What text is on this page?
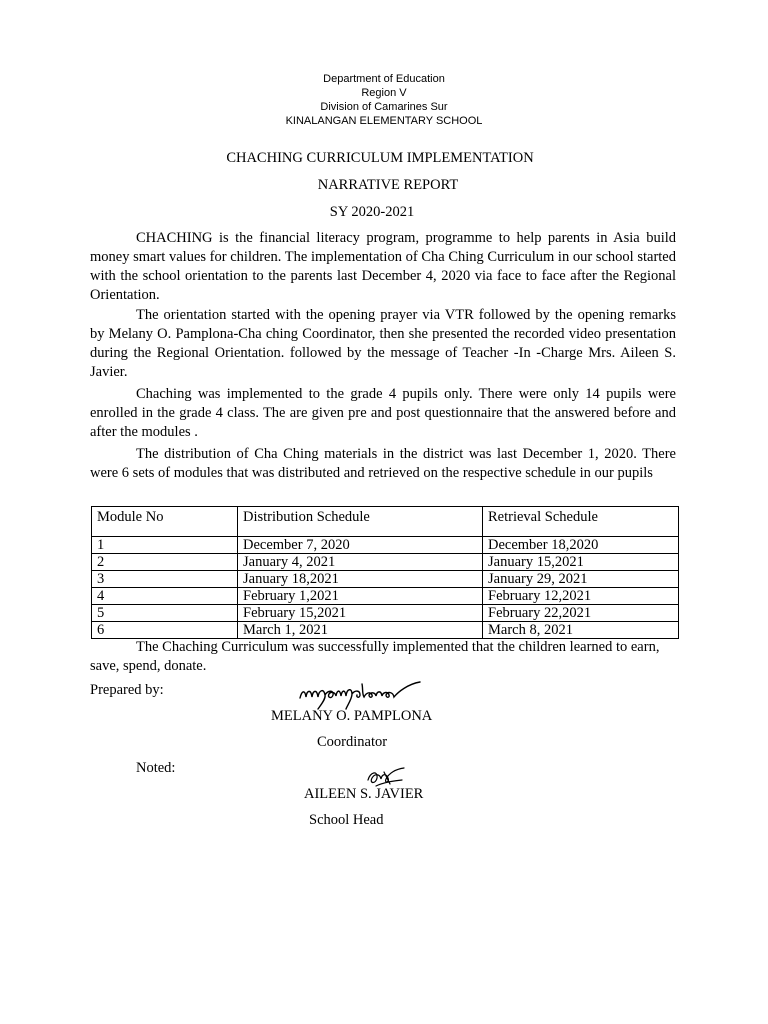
Department of Education
Region V
Division of Camarines Sur
KINALANGAN ELEMENTARY SCHOOL
CHACHING CURRICULUM IMPLEMENTATION
NARRATIVE REPORT
SY 2020-2021

CHACHING is the financial literacy program, programme to help parents in Asia build money smart values for children. The implementation of Cha Ching Curriculum in our school started with the school orientation to the parents last December 4, 2020 via face to face after the Regional Orientation.

The orientation started with the opening prayer via VTR followed by the opening remarks by Melany O. Pamplona-Cha ching Coordinator, then she presented the recorded video presentation during the Regional Orientation. followed by the message of Teacher -In -Charge Mrs. Aileen S. Javier.

Chaching was implemented to the grade 4 pupils only. There were only 14 pupils were enrolled in the grade 4 class. The are given pre and post questionnaire that the answered before and after the modules .

The distribution of Cha Ching materials in the district was last December 1, 2020. There were 6 sets of modules that was distributed and retrieved on the respective schedule in our pupils

Module No	Distribution Schedule	Retrieval Schedule
1	December 7, 2020	December 18,2020
2	January 4, 2021	January 15,2021
3	January 18,2021	January 29, 2021
4	February 1,2021	February 12,2021
5	February 15,2021	February 22,2021
6	March 1, 2021	March 8, 2021

The Chaching Curriculum was successfully implemented that the children learned to earn, save, spend, donate.

Prepared by:
MELANY O. PAMPLONA
Coordinator
Noted:
AILEEN S. JAVIER
School Head
